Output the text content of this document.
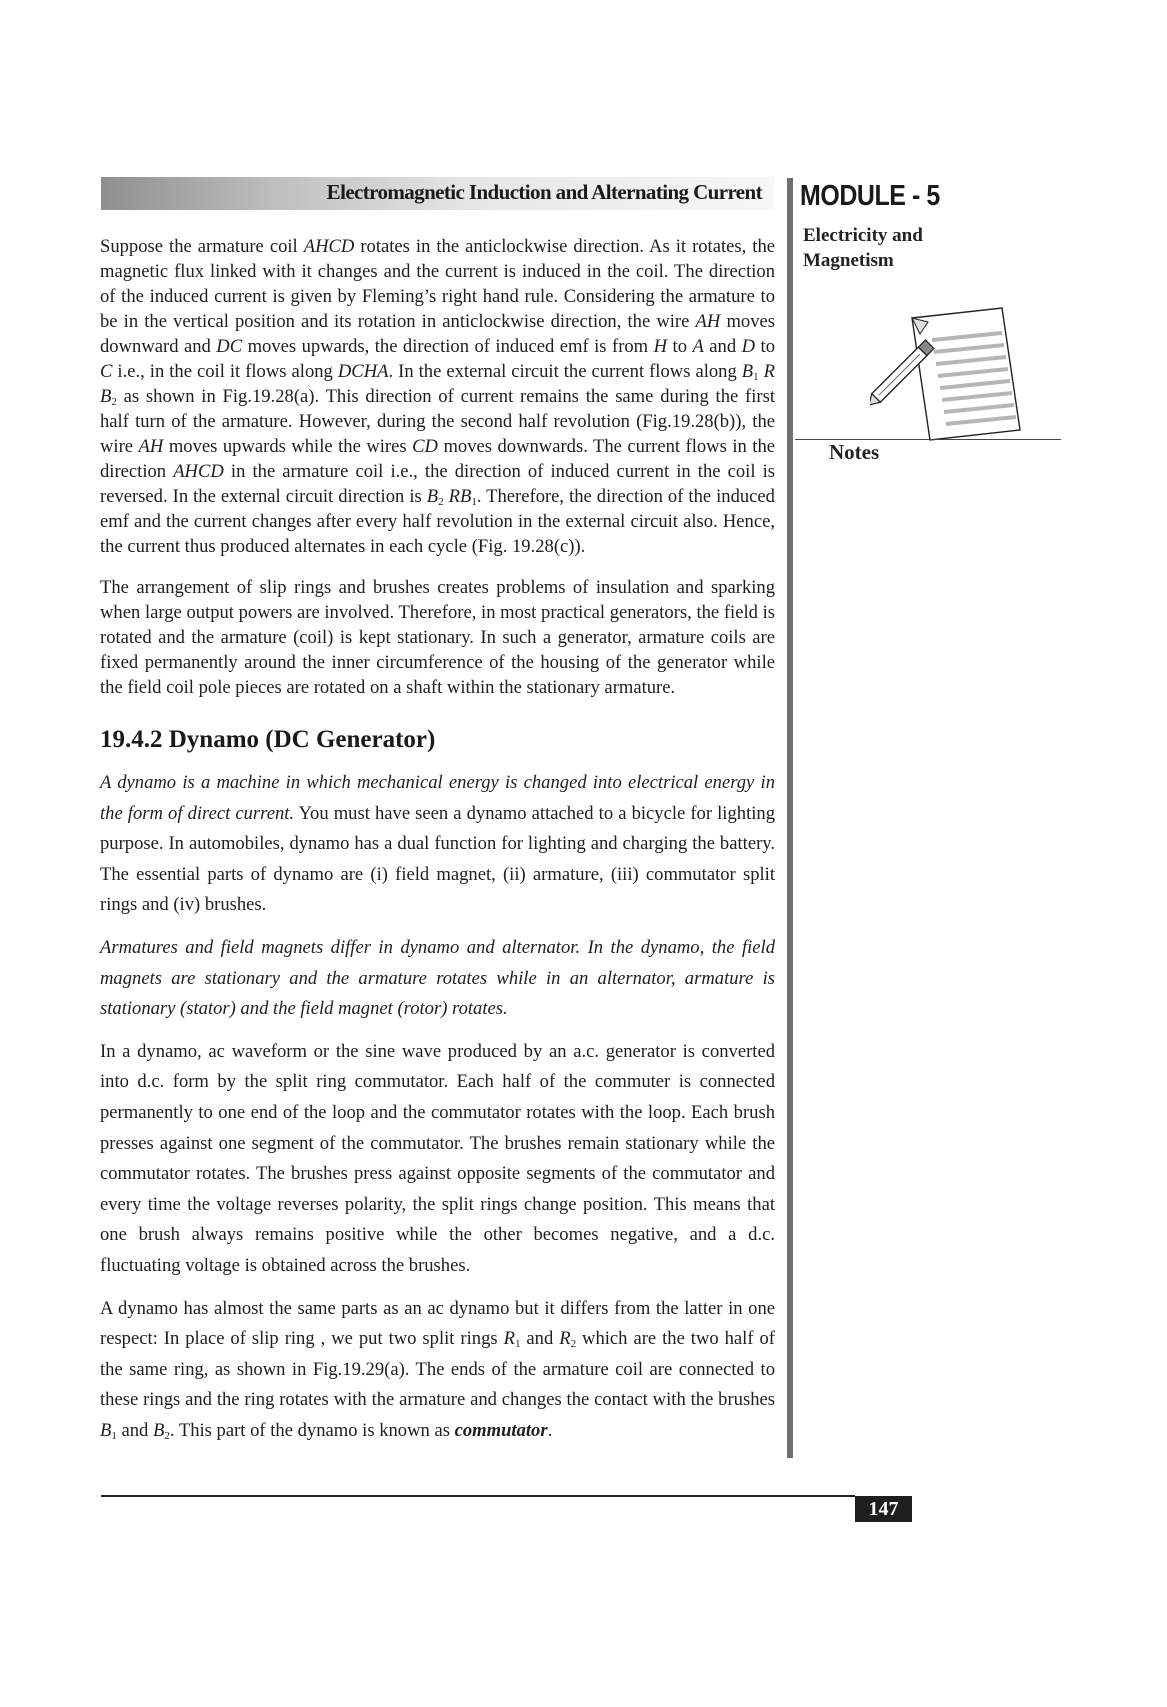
Electromagnetic Induction and Alternating Current MODULE - 5
Electricity and Magnetism
Notes

Suppose the armature coil AHCD rotates in the anticlockwise direction. As it rotates, the magnetic flux linked with it changes and the current is induced in the coil. The direction of the induced current is given by Fleming’s right hand rule. Considering the armature to be in the vertical position and its rotation in anticlockwise direction, the wire AH moves downward and DC moves upwards, the direction of induced emf is from H to A and D to C i.e., in the coil it flows along DCHA. In the external circuit the current flows along $B_1$ R $B_2$ as shown in Fig.19.28(a). This direction of current remains the same during the first half turn of the armature. However, during the second half revolution (Fig.19.28(b)), the wire AH moves upwards while the wires CD moves downwards. The current flows in the direction AHCD in the armature coil i.e., the direction of induced current in the coil is reversed. In the external circuit direction is $B_2$ $RB_1$. Therefore, the direction of the induced emf and the current changes after every half revolution in the external circuit also. Hence, the current thus produced alternates in each cycle (Fig. 19.28(c)).

The arrangement of slip rings and brushes creates problems of insulation and sparking when large output powers are involved. Therefore, in most practical generators, the field is rotated and the armature (coil) is kept stationary. In such a generator, armature coils are fixed permanently around the inner circumference of the housing of the generator while the field coil pole pieces are rotated on a shaft within the stationary armature.

19.4.2 Dynamo (DC Generator)

A dynamo is a machine in which mechanical energy is changed into electrical energy in the form of direct current. You must have seen a dynamo attached to a bicycle for lighting purpose. In automobiles, dynamo has a dual function for lighting and charging the battery. The essential parts of dynamo are (i) field magnet, (ii) armature, (iii) commutator split rings and (iv) brushes.

Armatures and field magnets differ in dynamo and alternator. In the dynamo, the field magnets are stationary and the armature rotates while in an alternator, armature is stationary (stator) and the field magnet (rotor) rotates.

In a dynamo, ac waveform or the sine wave produced by an a.c. generator is converted into d.c. form by the split ring commutator. Each half of the commuter is connected permanently to one end of the loop and the commutator rotates with the loop. Each brush presses against one segment of the commutator. The brushes remain stationary while the commutator rotates. The brushes press against opposite segments of the commutator and every time the voltage reverses polarity, the split rings change position. This means that one brush always remains positive while the other becomes negative, and a d.c. fluctuating voltage is obtained across the brushes.

A dynamo has almost the same parts as an ac dynamo but it differs from the latter in one respect: In place of slip ring , we put two split rings $R_1$ and $R_2$ which are the two half of the same ring, as shown in Fig.19.29(a). The ends of the armature coil are connected to these rings and the ring rotates with the armature and changes the contact with the brushes $B_1$ and $B_2$. This part of the dynamo is known as commutator.

147
